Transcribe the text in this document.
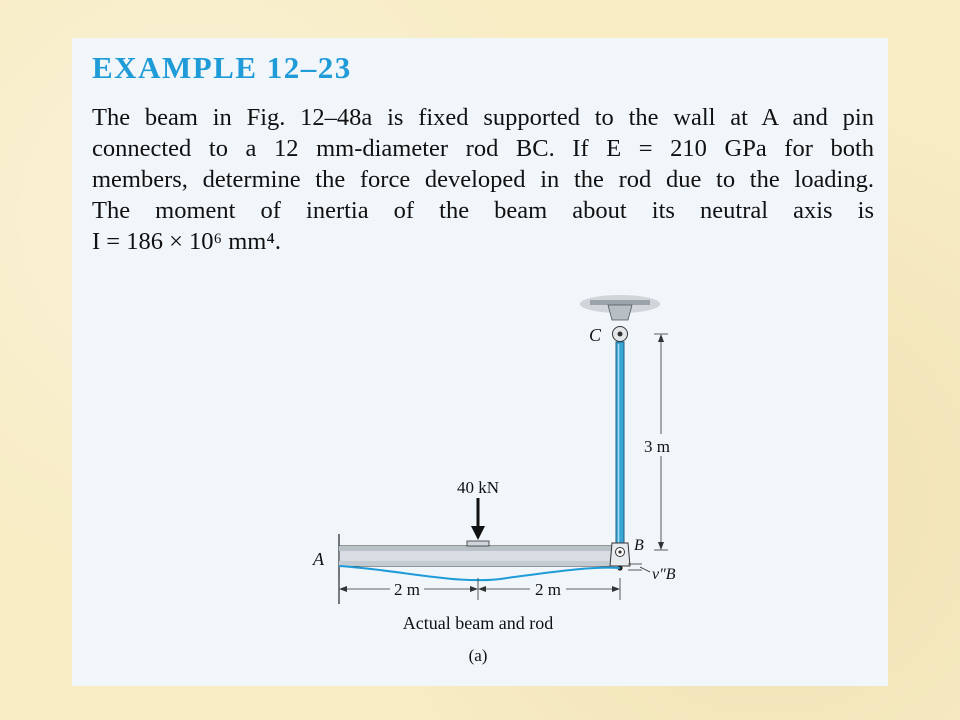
EXAMPLE 12–23
The beam in Fig. 12–48a is fixed supported to the wall at A and pin
connected to a 12 mm-diameter rod BC. If E = 210 GPa for both
members, determine the force developed in the rod due to the loading.
The moment of inertia of the beam about its neutral axis is
I = 186 × 10⁶ mm⁴.
40 kN
A
B
C
3 m
v″B
2 m	2 m
Actual beam and rod
(a)
